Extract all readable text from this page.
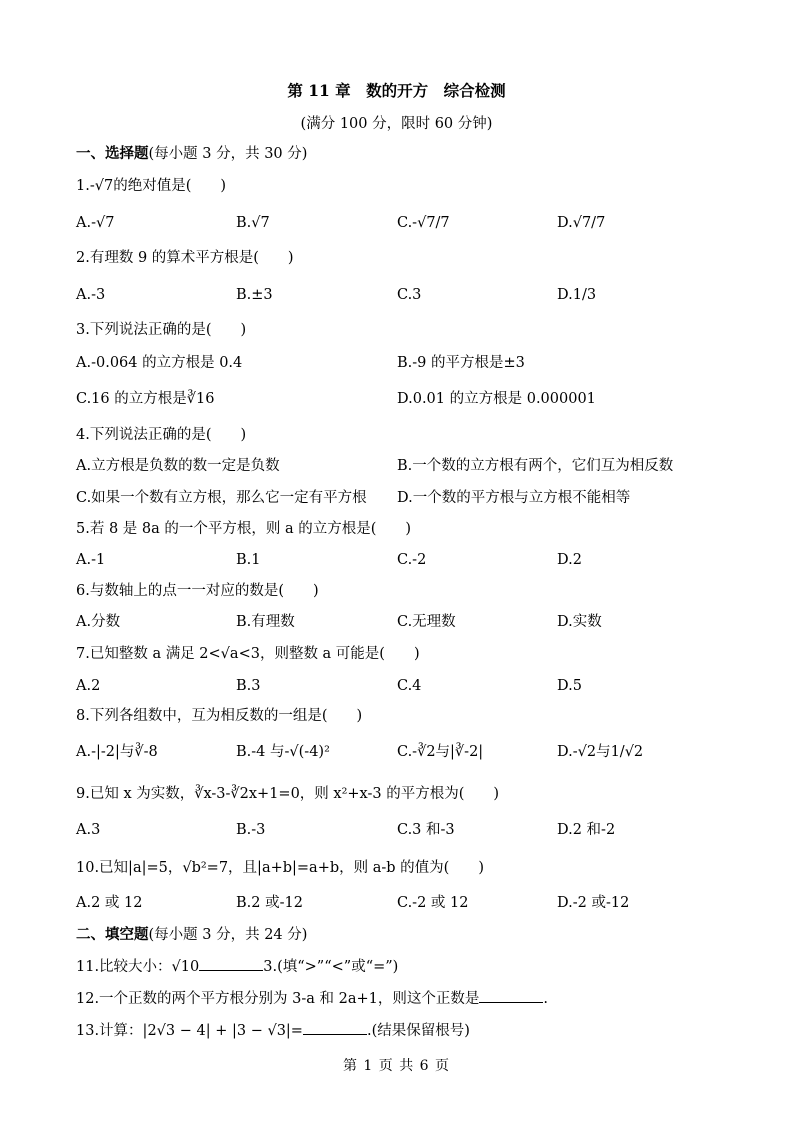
第 11 章　数的开方　综合检测
(满分 100 分，限时 60 分钟)
一、选择题(每小题 3 分，共 30 分)
1.-√7的绝对值是(　　)
A.-√7	B.√7	C.-√7/7	D.√7/7
2.有理数 9 的算术平方根是(　　)
A.-3	B.±3	C.3	D.1/3
3.下列说法正确的是(　　)
A.-0.064 的立方根是 0.4	B.-9 的平方根是±3
C.16 的立方根是∛16	D.0.01 的立方根是 0.000001
4.下列说法正确的是(　　)
A.立方根是负数的数一定是负数	B.一个数的立方根有两个，它们互为相反数
C.如果一个数有立方根，那么它一定有平方根 D.一个数的平方根与立方根不能相等
5.若 8 是 8a 的一个平方根，则 a 的立方根是(　　)
A.-1	B.1	C.-2	D.2
6.与数轴上的点一一对应的数是(　　)
A.分数	B.有理数	C.无理数	D.实数
7.已知整数 a 满足 2<√a<3，则整数 a 可能是(　　)
A.2	B.3	C.4	D.5
8.下列各组数中，互为相反数的一组是(　　)
A.-|-2|与∛-8	B.-4 与-√(-4)²	C.-∛2与|∛-2|	D.-√2与1/√2
9.已知 x 为实数，∛x-3-∛2x+1=0，则 x²+x-3 的平方根为(　　)
A.3	B.-3	C.3 和-3	D.2 和-2
10.已知|a|=5，√b²=7，且|a+b|=a+b，则 a-b 的值为(　　)
A.2 或 12	B.2 或-12	C.-2 或 12	D.-2 或-12
二、填空题(每小题 3 分，共 24 分)
11.比较大小：√10	3.(填“>”“<”或“=”)
12.一个正数的两个平方根分别为 3-a 和 2a+1，则这个正数是	.
13.计算：|2√3 − 4| + |3 − √3|=	.(结果保留根号)
第 1 页 共 6 页
